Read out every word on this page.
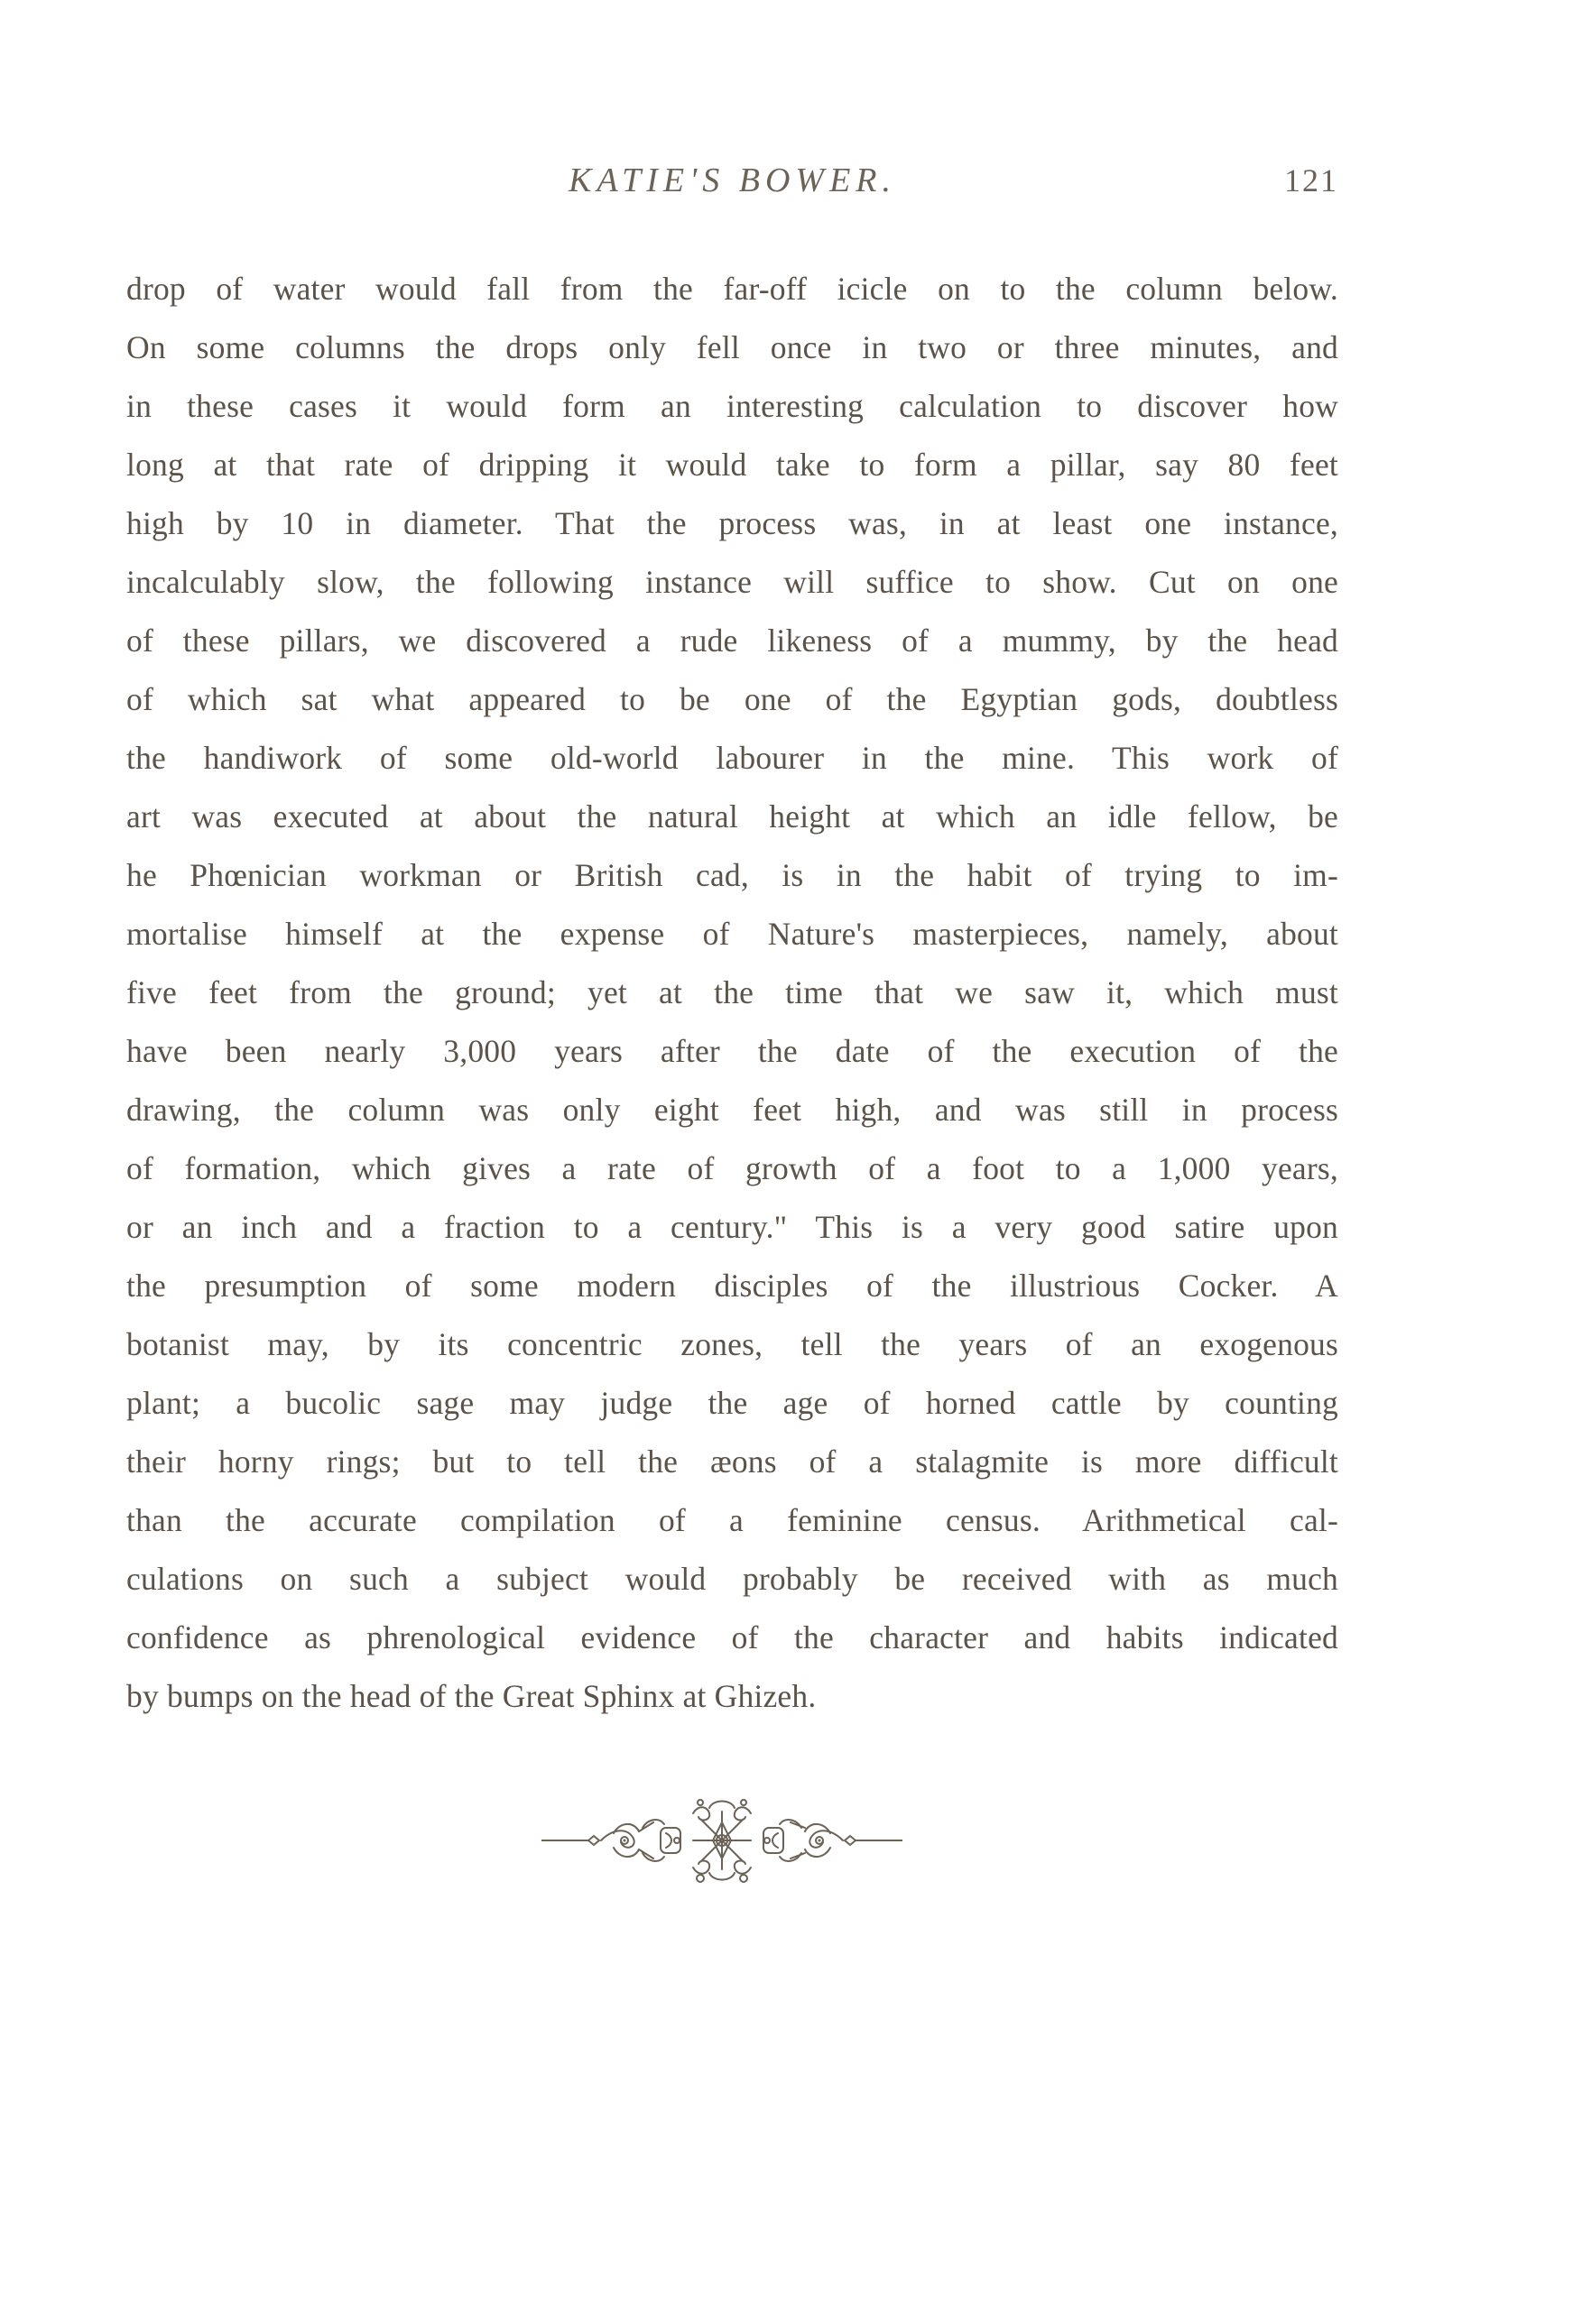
KATIE'S BOWER.	121
drop of water would fall from the far-off icicle on to the column below.
On some columns the drops only fell once in two or three minutes, and
in these cases it would form an interesting calculation to discover how
long at that rate of dripping it would take to form a pillar, say 80 feet
high by 10 in diameter. That the process was, in at least one instance,
incalculably slow, the following instance will suffice to show. Cut on one
of these pillars, we discovered a rude likeness of a mummy, by the head
of which sat what appeared to be one of the Egyptian gods, doubtless
the handiwork of some old-world labourer in the mine. This work of
art was executed at about the natural height at which an idle fellow, be
he Phœnician workman or British cad, is in the habit of trying to im-
mortalise himself at the expense of Nature's masterpieces, namely, about
five feet from the ground; yet at the time that we saw it, which must
have been nearly 3,000 years after the date of the execution of the
drawing, the column was only eight feet high, and was still in process
of formation, which gives a rate of growth of a foot to a 1,000 years,
or an inch and a fraction to a century." This is a very good satire upon
the presumption of some modern disciples of the illustrious Cocker. A
botanist may, by its concentric zones, tell the years of an exogenous
plant; a bucolic sage may judge the age of horned cattle by counting
their horny rings; but to tell the æons of a stalagmite is more difficult
than the accurate compilation of a feminine census. Arithmetical cal-
culations on such a subject would probably be received with as much
confidence as phrenological evidence of the character and habits indicated
by bumps on the head of the Great Sphinx at Ghizeh.
